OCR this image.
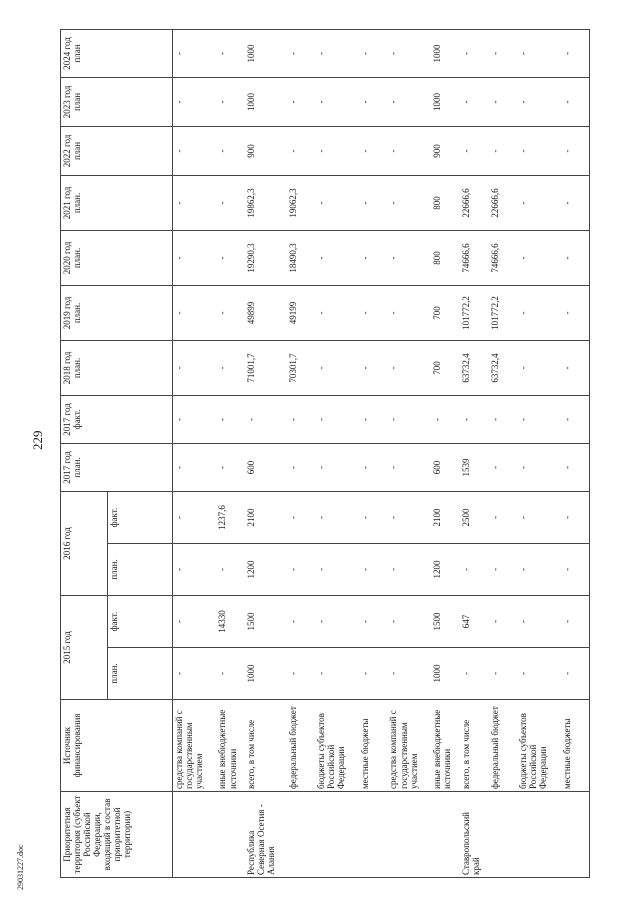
229
29031227.doc
Приоритетная территория (субъект Российской Федерации, входящий в состав приоритетной территории)	Источник финансирования	2015 год		2016 год		2017 год план.	2017 год факт.	2018 год план.	2019 год план.	2020 год план.	2021 год план.	2022 год план	2023 год план	2024 год план
		план.	факт.	план.	факт.									
	средства компаний с государственным участием	-	-	-	-	-	-	-	-	-	-	-	-	-
	иные внебюджетные источники	-	14330	-	1237,6	-	-	-	-	-	-	-	-	-
Республика Северная Осетия - Алания	всего, в том числе	1000	1500	1200	2100	600	-	71001,7	49899	19290,3	19862,3	900	1000	1000
	федеральный бюджет	-	-	-	-	-	-	70301,7	49199	18490,3	19062,3	-	-	-
	бюджеты субъектов Российской Федерации	-	-	-	-	-	-	-	-	-	-	-	-	-
	местные бюджеты	-	-	-	-	-	-	-	-	-	-	-	-	-
	средства компаний с государственным участием	-	-	-	-	-	-	-	-	-	-	-	-	-
	иные внебюджетные источники	1000	1500	1200	2100	600	-	700	700	800	800	900	1000	1000
Ставропольский край	всего, в том числе	-	647	-	2500	1539	-	63732,4	101772,2	74666,6	22666,6	-	-	-
	федеральный бюджет	-	-	-	-	-	-	63732,4	101772,2	74666,6	22666,6	-	-	-
	бюджеты субъектов Российской Федерации	-	-	-	-	-	-	-	-	-	-	-	-	-
	местные бюджеты	-	-	-	-	-	-	-	-	-	-	-	-	-
